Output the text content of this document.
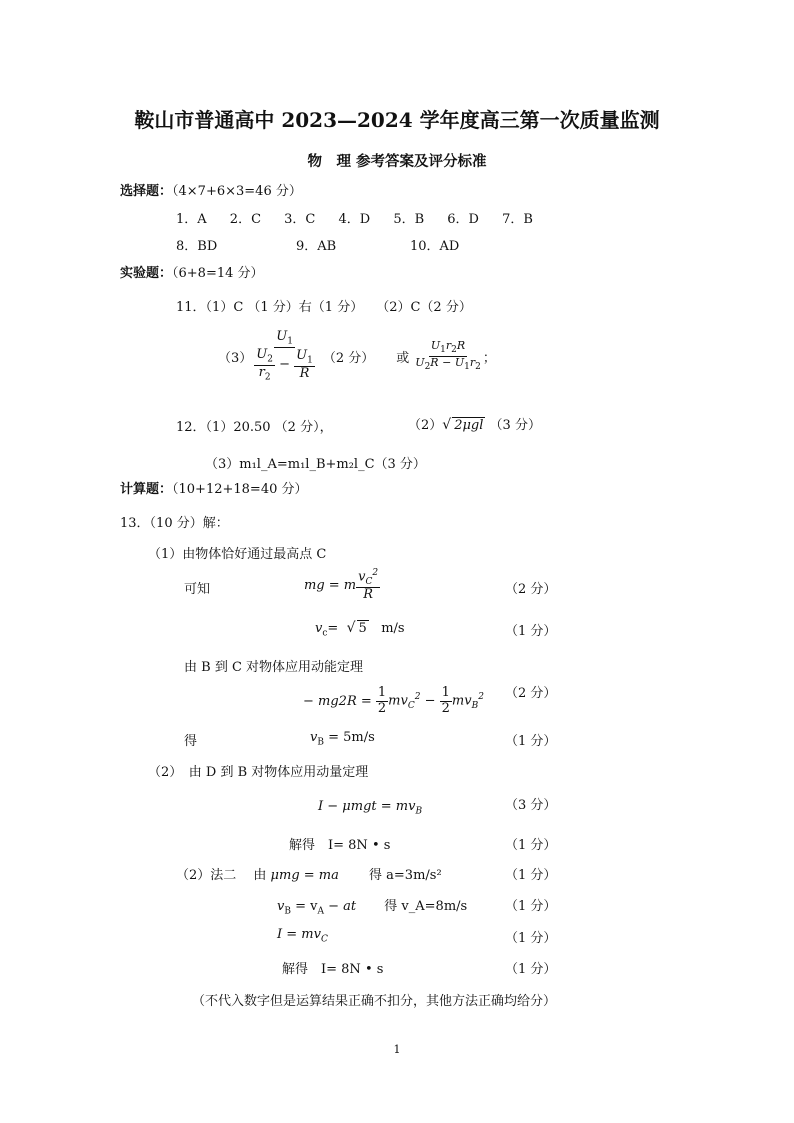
鞍山市普通高中 2023—2024 学年度高三第一次质量监测
物　理 参考答案及评分标准
选择题：（4×7+6×3=46 分）
1．A　 2．C　 3．C　 4．D　 5．B　 6．D　 7．B
8．BD	9．AB	10．AD
实验题：（6+8=14 分）
11．（1）C （1 分）右（1 分）　　（2）C（2 分）
$(3) \frac{U_1}{\frac{U_2}{r_2} - \frac{U_1}{R}} (2$ 分） 或 $\frac{U_1r_2R}{U_2R - U_1r_2}$ ；
12．（1）20.50 （2 分），	（2）√ 2μgl （3 分）
（3）m₁l_A=m₁l_B+m₂l_C（3 分）
计算题：（10+12+18=40 分）
13．（10 分）解：
（1）由物体恰好通过最高点 C
可知	mg = m $\frac{v_C^2}{R}$	（2 分）
$v_c=$  √ 5 m/s	（1 分）
由 B 到 C 对物体应用动能定理
− $mg2R = \frac{1}{2} mv_C^2 - \frac{1}{2} mv_B^2$ （2 分）
得	$v_B = 5m/s$	（1 分）
（2）　由 D 到 B 对物体应用动量定理
$I - \mu mgt = mv_B$	（3 分）
解得　I= 8N • s	（1 分）
（2）法二　 由 μmg = ma 得 a=3m/s²	（1 分）
$v_B = v_A$ − at 得 v_A=8m/s	（1 分）
$I = mv_C$	（1 分）
解得　I= 8N • s	（1 分）
（不代入数字但是运算结果正确不扣分，其他方法正确均给分）
1
